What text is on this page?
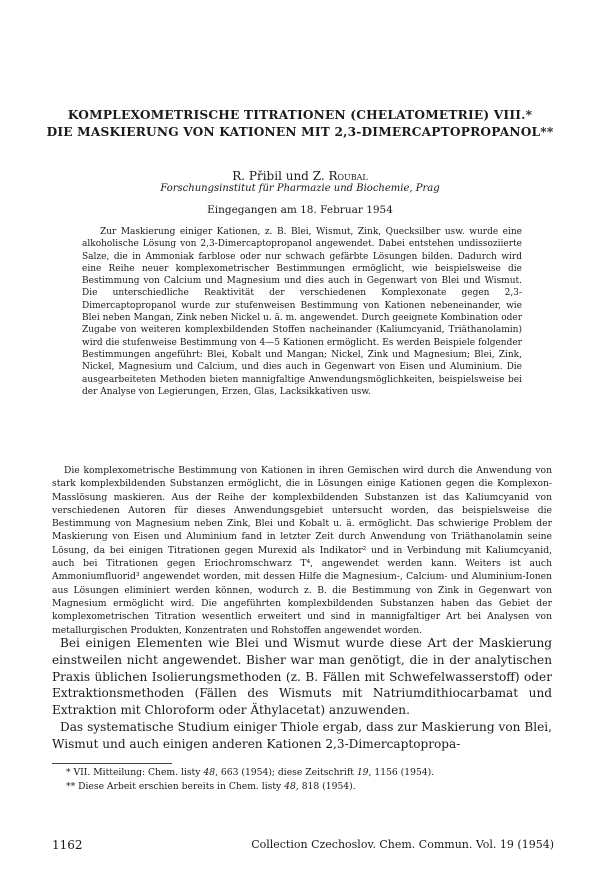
KOMPLEXOMETRISCHE TITRATIONEN (CHELATOMETRIE) VIII.*
DIE MASKIERUNG VON KATIONEN MIT 2,3-DIMERCAPTOPROPANOL**
R. Přibil und Z. Roubal
Forschungsinstitut für Pharmazie und Biochemie, Prag
Eingegangen am 18. Februar 1954

Zur Maskierung einiger Kationen, z. B. Blei, Wismut, Zink, Quecksilber usw. wurde eine alkoholische Lösung von 2,3-Dimercaptopropanol angewendet. Dabei entstehen undissoziierte Salze, die in Ammoniak farblose oder nur schwach gefärbte Lösungen bilden. Dadurch wird eine Reihe neuer komplexometrischer Bestimmungen ermöglicht, wie beispielsweise die Bestimmung von Calcium und Magnesium und dies auch in Gegenwart von Blei und Wismut. Die unterschiedliche Reaktivität der verschiedenen Komplexonate gegen 2,3-Dimercaptopropanol wurde zur stufenweisen Bestimmung von Kationen nebeneinander, wie Blei neben Mangan, Zink neben Nickel u. ä. m. angewendet. Durch geeignete Kombination oder Zugabe von weiteren komplexbildenden Stoffen nacheinander (Kaliumcyanid, Triäthanolamin) wird die stufenweise Bestimmung von 4—5 Kationen ermöglicht. Es werden Beispiele folgender Bestimmungen angeführt: Blei, Kobalt und Mangan; Nickel, Zink und Magnesium; Blei, Zink, Nickel, Magnesium und Calcium, und dies auch in Gegenwart von Eisen und Aluminium. Die ausgearbeiteten Methoden bieten mannigfaltige Anwendungsmöglichkeiten, beispielsweise bei der Analyse von Legierungen, Erzen, Glas, Lacksikkativen usw.

Die komplexometrische Bestimmung von Kationen in ihren Gemischen wird durch die Anwendung von stark komplexbildenden Substanzen ermöglicht, die in Lösungen einige Kationen gegen die Komplexon-Masslösung maskieren. Aus der Reihe der komplexbildenden Substanzen ist das Kaliumcyanid von verschiedenen Autoren für dieses Anwendungsgebiet untersucht worden, das beispielsweise die Bestimmung von Magnesium neben Zink, Blei und Kobalt u. ä. ermöglicht. Das schwierige Problem der Maskierung von Eisen und Aluminium fand in letzter Zeit durch Anwendung von Triäthanolamin seine Lösung, da bei einigen Titrationen gegen Murexid als Indikator² und in Verbindung mit Kaliumcyanid, auch bei Titrationen gegen Eriochromschwarz T⁴, angewendet werden kann. Weiters ist auch Ammoniumfluorid³ angewendet worden, mit dessen Hilfe die Magnesium-, Calcium- und Aluminium-Ionen aus Lösungen eliminiert werden können, wodurch z. B. die Bestimmung von Zink in Gegenwart von Magnesium ermöglicht wird. Die angeführten komplexbildenden Substanzen haben das Gebiet der komplexometrischen Titration wesentlich erweitert und sind in mannigfaltiger Art bei Analysen von metallurgischen Produkten, Konzentraten und Rohstoffen angewendet worden.

Bei einigen Elementen wie Blei und Wismut wurde diese Art der Maskierung einstweilen nicht angewendet. Bisher war man genötigt, die in der analytischen Praxis üblichen Isolierungsmethoden (z. B. Fällen mit Schwefelwasserstoff) oder Extraktionsmethoden (Fällen des Wismuts mit Natriumdithiocarbamat und Extraktion mit Chloroform oder Äthylacetat) anzuwenden.

Das systematische Studium einiger Thiole ergab, dass zur Maskierung von Blei, Wismut und auch einigen anderen Kationen 2,3-Dimercaptopropa-

* VII. Mitteilung: Chem. listy 48, 663 (1954); diese Zeitschrift 19, 1156 (1954).
** Diese Arbeit erschien bereits in Chem. listy 48, 818 (1954).
1162	Collection Czechoslov. Chem. Commun. Vol. 19 (1954)
